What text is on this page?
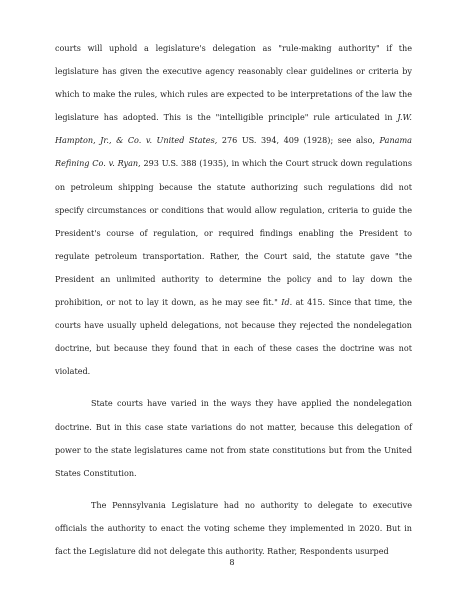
courts will uphold a legislature's delegation as "rule-making authority" if the legislature has given the executive agency reasonably clear guidelines or criteria by which to make the rules, which rules are expected to be interpretations of the law the legislature has adopted. This is the "intelligible principle" rule articulated in J.W. Hampton, Jr., & Co. v. United States, 276 US. 394, 409 (1928); see also, Panama Refining Co. v. Ryan, 293 U.S. 388 (1935), in which the Court struck down regulations on petroleum shipping because the statute authorizing such regulations did not specify circumstances or conditions that would allow regulation, criteria to guide the President's course of regulation, or required findings enabling the President to regulate petroleum transportation. Rather, the Court said, the statute gave "the President an unlimited authority to determine the policy and to lay down the prohibition, or not to lay it down, as he may see fit." Id. at 415. Since that time, the courts have usually upheld delegations, not because they rejected the nondelegation doctrine, but because they found that in each of these cases the doctrine was not violated.

State courts have varied in the ways they have applied the nondelegation doctrine. But in this case state variations do not matter, because this delegation of power to the state legislatures came not from state constitutions but from the United States Constitution.

The Pennsylvania Legislature had no authority to delegate to executive officials the authority to enact the voting scheme they implemented in 2020. But in fact the Legislature did not delegate this authority. Rather, Respondents usurped

8
